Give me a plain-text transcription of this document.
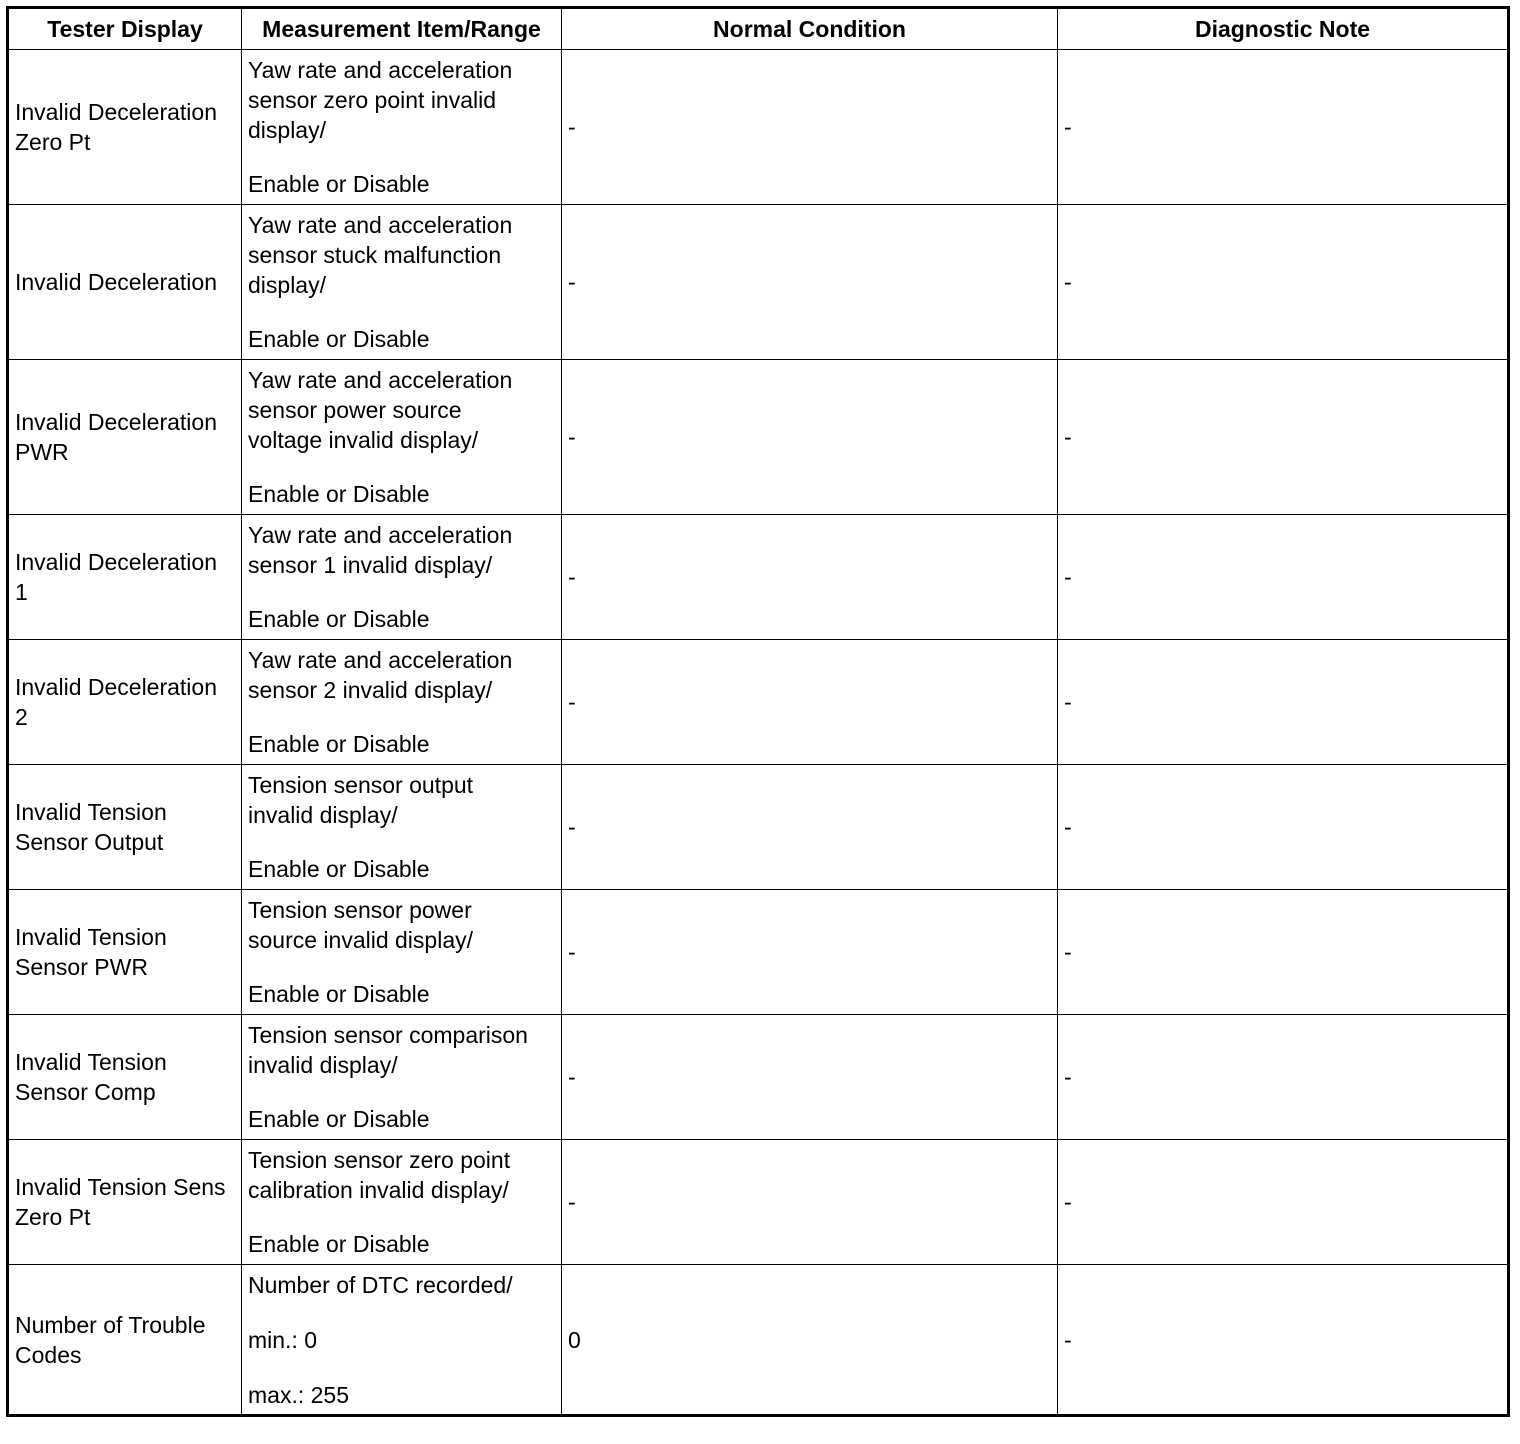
Tester Display	Measurement Item/Range	Normal Condition	Diagnostic Note
Invalid Deceleration Zero Pt	Yaw rate and acceleration
sensor zero point invalid
display/
Enable or Disable	-	-
Invalid Deceleration	Yaw rate and acceleration
sensor stuck malfunction
display/
Enable or Disable	-	-
Invalid Deceleration PWR	Yaw rate and acceleration
sensor power source
voltage invalid display/
Enable or Disable	-	-
Invalid Deceleration 1	Yaw rate and acceleration
sensor 1 invalid display/
Enable or Disable	-	-
Invalid Deceleration 2	Yaw rate and acceleration
sensor 2 invalid display/
Enable or Disable	-	-
Invalid Tension Sensor Output	Tension sensor output
invalid display/
Enable or Disable	-	-
Invalid Tension Sensor PWR	Tension sensor power
source invalid display/
Enable or Disable	-	-
Invalid Tension Sensor Comp	Tension sensor comparison
invalid display/
Enable or Disable	-	-
Invalid Tension Sens Zero Pt	Tension sensor zero point
calibration invalid display/
Enable or Disable	-	-
Number of Trouble Codes	Number of DTC recorded/
min.: 0
max.: 255	0	-
